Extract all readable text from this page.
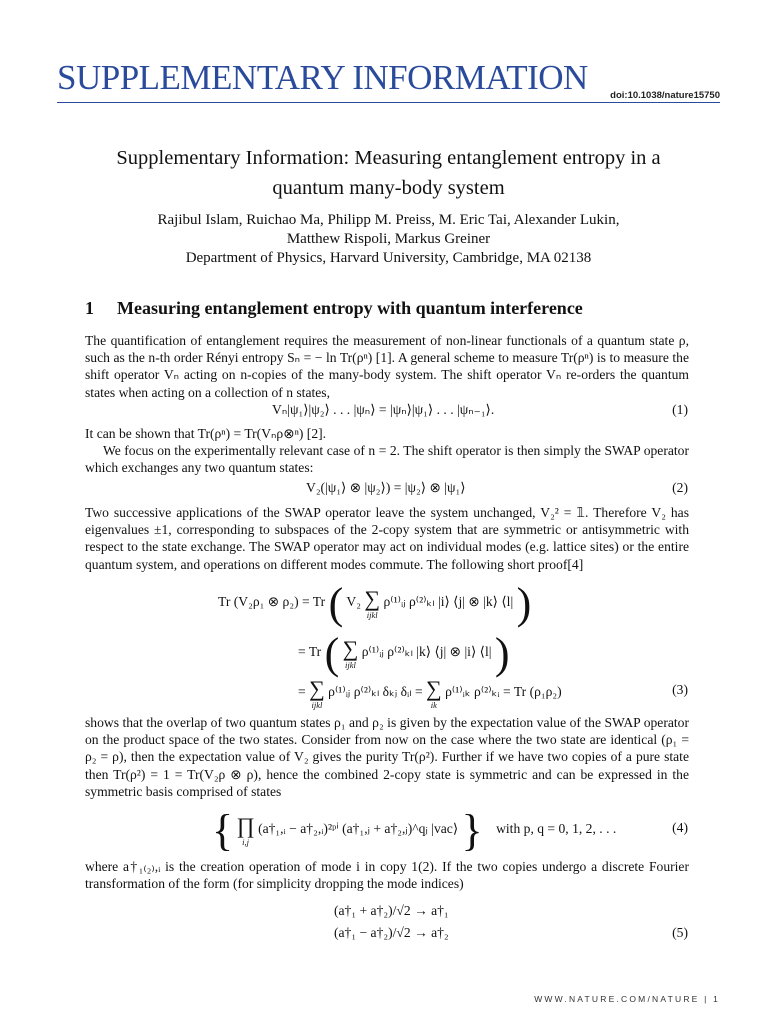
SUPPLEMENTARY INFORMATION doi:10.1038/nature15750
Supplementary Information: Measuring entanglement entropy in a
quantum many-body system
Rajibul Islam, Ruichao Ma, Philipp M. Preiss, M. Eric Tai, Alexander Lukin,
Matthew Rispoli, Markus Greiner
Department of Physics, Harvard University, Cambridge, MA 02138
1 Measuring entanglement entropy with quantum interference
The quantification of entanglement requires the measurement of non-linear functionals of a quantum state ρ, such as the n-th order Rényi entropy Sₙ = − ln Tr(ρⁿ) [1]. A general scheme to measure Tr(ρⁿ) is to measure the shift operator Vₙ acting on n-copies of the many-body system. The shift operator Vₙ re-orders the quantum states when acting on a collection of n states,
Vₙ|ψ₁⟩|ψ₂⟩ . . . |ψₙ⟩ = |ψₙ⟩|ψ₁⟩ . . . |ψₙ₋₁⟩.	(1)
It can be shown that Tr(ρⁿ) = Tr(Vₙρ⊗ⁿ) [2].
We focus on the experimentally relevant case of n = 2. The shift operator is then simply the SWAP operator which exchanges any two quantum states:
V₂(|ψ₁⟩ ⊗ |ψ₂⟩) = |ψ₂⟩ ⊗ |ψ₁⟩	(2)
Two successive applications of the SWAP operator leave the system unchanged, V₂² = 𝟙. Therefore V₂ has eigenvalues ±1, corresponding to subspaces of the 2-copy system that are symmetric or antisymmetric with respect to the state exchange. The SWAP operator may act on individual modes (e.g. lattice sites) or the entire quantum system, and operations on different modes commute. The following short proof[4]
Tr (V₂ρ₁ ⊗ ρ₂) = Tr ( V₂ ∑
ijkl
ρ⁽¹⁾ᵢⱼ ρ⁽²⁾ₖₗ |i⟩ ⟨j| ⊗ |k⟩ ⟨l| )
= Tr ( ∑
ijkl
ρ⁽¹⁾ᵢⱼ ρ⁽²⁾ₖₗ |k⟩ ⟨j| ⊗ |i⟩ ⟨l| )
= ∑
ijkl
ρ⁽¹⁾ᵢⱼ ρ⁽²⁾ₖₗ δₖⱼ δᵢₗ = ∑
ik
ρ⁽¹⁾ᵢₖ ρ⁽²⁾ₖᵢ = Tr (ρ₁ρ₂)	(3)
shows that the overlap of two quantum states ρ₁ and ρ₂ is given by the expectation value of the SWAP operator on the product space of the two states. Consider from now on the case where the two state are identical (ρ₁ = ρ₂ = ρ), then the expectation value of V₂ gives the purity Tr(ρ²). Further if we have two copies of a pure state then Tr(ρ²) = 1 = Tr(V₂ρ ⊗ ρ), hence the combined 2-copy state is symmetric and can be expressed in the symmetric basis comprised of states
{ ∏
i,j
(a†₁,ᵢ − a†₂,ᵢ)²ᵖⁱ (a†₁,ⱼ + a†₂,ⱼ)^qⱼ |vac⟩ } with p, q = 0, 1, 2, . . .	(4)
where a†₁₍₂₎,ᵢ is the creation operation of mode i in copy 1(2). If the two copies undergo a discrete Fourier transformation of the form (for simplicity dropping the mode indices)
(a†₁ + a†₂)/√2 → a†₁
(a†₁ − a†₂)/√2 → a†₂	(5)
WWW.NATURE.COM/NATURE | 1
